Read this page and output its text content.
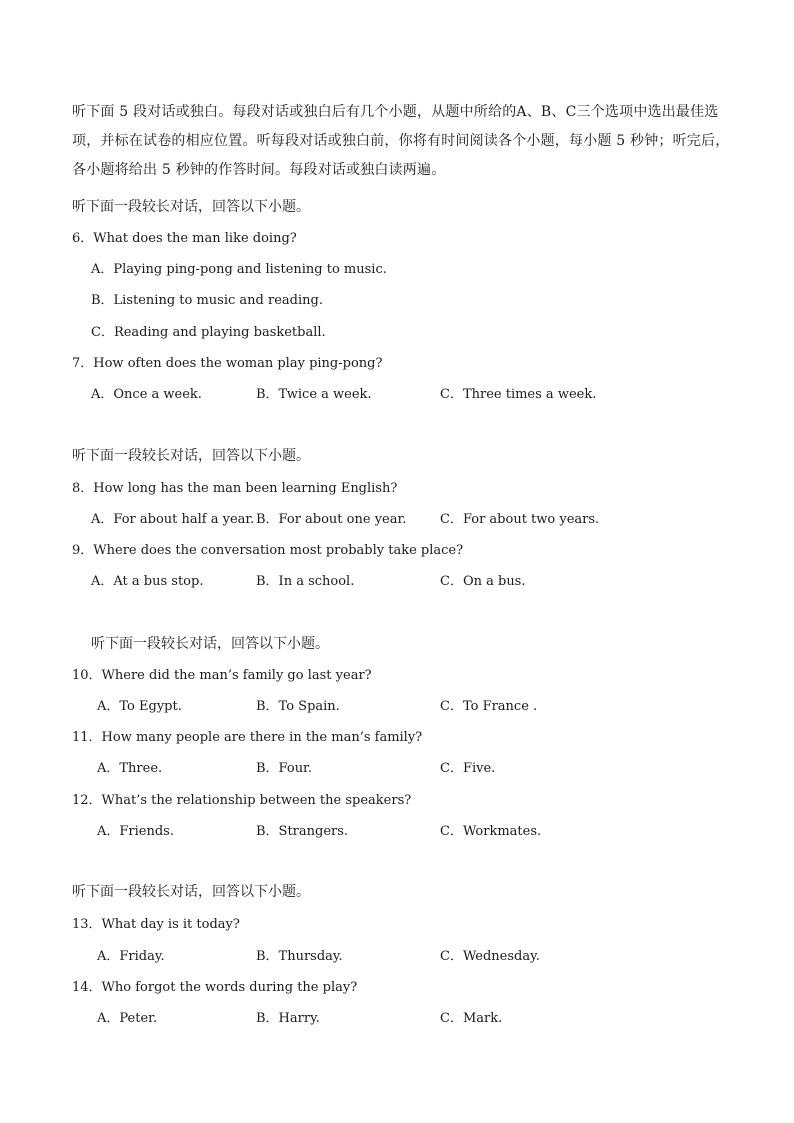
听下面 5 段对话或独白。每段对话或独白后有几个小题，从题中所给的A、B、C三个选项中选出最佳选项，并标在试卷的相应位置。听每段对话或独白前，你将有时间阅读各个小题，每小题 5 秒钟；听完后，各小题将给出 5 秒钟的作答时间。每段对话或独白读两遍。
听下面一段较长对话，回答以下小题。
6．What does the man like doing?
A．Playing ping-pong and listening to music.
B．Listening to music and reading.
C．Reading and playing basketball.
7．How often does the woman play ping-pong?
A．Once a week.	B．Twice a week.	C．Three times a week.
听下面一段较长对话，回答以下小题。
8．How long has the man been learning English?
A．For about half a year. B．For about one year.	C．For about two years.
9．Where does the conversation most probably take place?
A．At a bus stop.	B．In a school.	C．On a bus.
听下面一段较长对话，回答以下小题。
10．Where did the man’s family go last year?
A．To Egypt.	B．To Spain.	C．To France .
11．How many people are there in the man’s family?
A．Three.	B．Four.	C．Five.
12．What’s the relationship between the speakers?
A．Friends.	B．Strangers.	C．Workmates.
听下面一段较长对话，回答以下小题。
13．What day is it today?
A．Friday.	B．Thursday.	C．Wednesday.
14．Who forgot the words during the play?
A．Peter.	B．Harry.	C．Mark.
